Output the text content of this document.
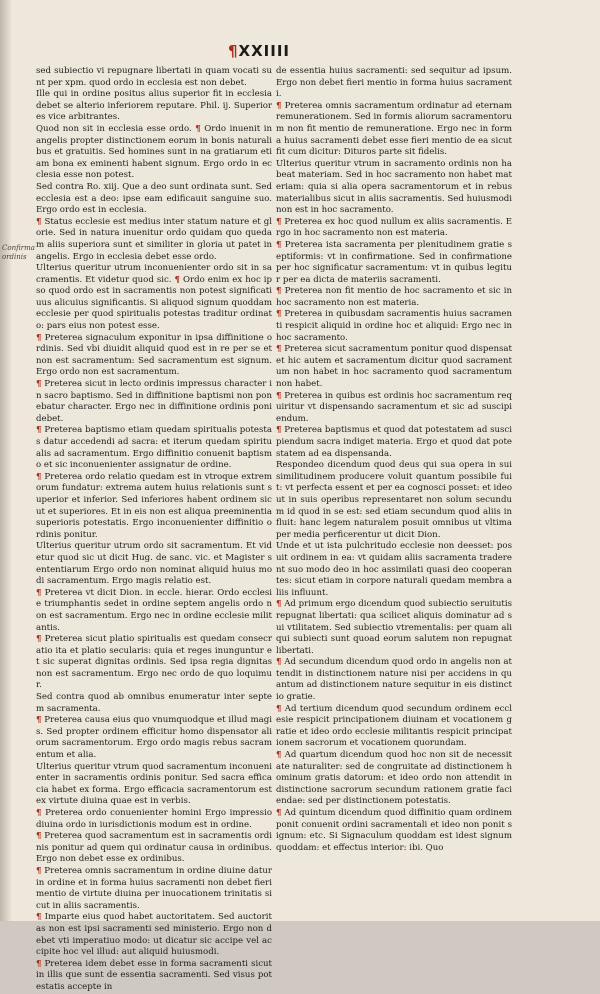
¶XXIIII
Confirma ordinis

sed subiectio vi repugnare libertati in quam vocati sunt per xpm. quod ordo in ecclesia est non debet.

Ille qui in ordine positus alius superior fit in ecclesia debet se alterio inferiorem reputare. Phil. ij. Superiores vice arbitrantes.

Quod non sit in ecclesia esse ordo. ¶ Ordo inuenit in angelis propter distinctionem eorum in bonis naturalibus et gratuitis. Sed homines sunt in na gratiarum etiam bona ex eminenti habent signum. Ergo ordo in ecclesia esse non potest.

Sed contra Ro. xiij. Que a deo sunt ordinata sunt. Sed ecclesia est a deo: ipse eam edificauit sanguine suo. Ergo ordo est in ecclesia.

¶ Status ecclesie est medius inter statum nature et glorie. Sed in natura inuenitur ordo quidam quo quedam aliis superiora sunt et similiter in gloria ut patet in angelis. Ergo in ecclesia debet esse ordo.

Ulterius queritur utrum inconuenienter ordo sit in sacramentis. Et videtur quod sic. ¶ Ordo enim ex hoc ipso quod ordo est in sacramentis non potest significatiuus alicuius significantis. Si aliquod signum quoddam ecclesie per quod spiritualis potestas traditur ordinato: pars eius non potest esse.

¶ Preterea signaculum exponitur in ipsa diffinitione ordinis. Sed vbi diuidit aliquid quod est in re per se et non est sacramentum: Sed sacramentum est signum. Ergo ordo non est sacramentum.

¶ Preterea sicut in lecto ordinis impressus character in sacro baptismo. Sed in diffinitione baptismi non ponebatur character. Ergo nec in diffinitione ordinis poni debet.

¶ Preterea baptismo etiam quedam spiritualis potestas datur accedendi ad sacra: et iterum quedam spiritualis ad sacramentum. Ergo diffinitio conuenit baptismo et sic inconuenienter assignatur de ordine.

¶ Preterea ordo relatio quedam est in vtroque extremorum fundatur: extrema autem huius relationis sunt superior et inferior. Sed inferiores habent ordinem sicut et superiores. Et in eis non est aliqua preeminentia superioris potestatis. Ergo inconuenienter diffinitio ordinis ponitur.

Ulterius queritur utrum ordo sit sacramentum. Et videtur quod sic ut dicit Hug. de sanc. vic. et Magister sententiarum Ergo ordo non nominat aliquid huius modi sacramentum. Ergo magis relatio est.

¶ Preterea vt dicit Dion. in eccle. hierar. Ordo ecclesie triumphantis sedet in ordine septem angelis ordo non est sacramentum. Ergo nec in ordine ecclesie militantis.

¶ Preterea sicut platio spiritualis est quedam consecratio ita et platio secularis: quia et reges inunguntur et sic superat dignitas ordinis. Sed ipsa regia dignitas non est sacramentum. Ergo nec ordo de quo loquimur.

Sed contra quod ab omnibus enumeratur inter septem sacramenta.

¶ Preterea causa eius quo vnumquodque et illud magis. Sed propter ordinem efficitur homo dispensator aliorum sacramentorum. Ergo ordo magis rebus sacramentum et alia.

Ulterius queritur vtrum quod sacramentum inconuenienter in sacramentis ordinis ponitur. Sed sacra efficacia habet ex forma. Ergo efficacia sacramentorum est ex virtute diuina quae est in verbis.

¶ Preterea ordo conuenienter homini Ergo impressio diuina ordo in iurisdictionis modum est in ordine.

¶ Preterea quod sacramentum est in sacramentis ordinis ponitur ad quem qui ordinatur causa in ordinibus. Ergo non debet esse ex ordinibus.

¶ Preterea omnis sacramentum in ordine diuine datur in ordine et in forma huius sacramenti non debet fieri mentio de virtute diuina per inuocationem trinitatis sicut in aliis sacramentis.

¶ Imparte eius quod habet auctoritatem. Sed auctoritas non est ipsi sacramenti sed ministerio. Ergo non debet vti imperatiuo modo: ut dicatur sic accipe vel accipite hoc vel illud: aut aliquid huiusmodi.

¶ Preterea idem debet esse in forma sacramenti sicut in illis que sunt de essentia sacramenti. Sed visus potestatis accepte in

de essentia huius sacramenti: sed sequitur ad ipsum. Ergo non debet fieri mentio in forma huius sacramenti.

¶ Preterea omnis sacramentum ordinatur ad eternam remunerationem. Sed in formis aliorum sacramentorum non fit mentio de remuneratione. Ergo nec in forma huius sacramenti debet esse fieri mentio de ea sicut fit cum dicitur: Dituros parte sit fidelis.

Ulterius queritur vtrum in sacramento ordinis non habeat materiam. Sed in hoc sacramento non habet materiam: quia si alia opera sacramentorum et in rebus materialibus sicut in aliis sacramentis. Sed huiusmodi non est in hoc sacramento.

¶ Preterea ex hoc quod nullum ex aliis sacramentis. Ergo in hoc sacramento non est materia.

¶ Preterea ista sacramenta per plenitudinem gratie septiformis: vt in confirmatione. Sed in confirmatione per hoc significatur sacramentum: vt in quibus legitur per ea dicta de materiis sacramenti.

¶ Preterea non fit mentio de hoc sacramento et sic in hoc sacramento non est materia.

¶ Preterea in quibusdam sacramentis huius sacramenti respicit aliquid in ordine hoc et aliquid: Ergo nec in hoc sacramento.

¶ Preterea sicut sacramentum ponitur quod dispensat et hic autem et sacramentum dicitur quod sacramentum non habet in hoc sacramento quod sacramentum non habet.

¶ Preterea in quibus est ordinis hoc sacramentum requiritur vt dispensando sacramentum et sic ad suscipiendum.

¶ Preterea baptismus et quod dat potestatem ad suscipiendum sacra indiget materia. Ergo et quod dat potestatem ad ea dispensanda.

Respondeo dicendum quod deus qui sua opera in sui similitudinem producere voluit quantum possibile fuit: vt perfecta essent et per ea cognosci posset: et ideo ut in suis operibus representaret non solum secundum id quod in se est: sed etiam secundum quod aliis influit: hanc legem naturalem posuit omnibus ut vltima per media perficerentur ut dicit Dion.

Unde et ut ista pulchritudo ecclesie non deesset: posuit ordinem in ea: vt quidam aliis sacramenta traderent suo modo deo in hoc assimilati quasi deo cooperantes: sicut etiam in corpore naturali quedam membra aliis influunt.

¶ Ad primum ergo dicendum quod subiectio seruitutis repugnat libertati: qua scilicet aliquis dominatur ad sui vtilitatem. Sed subiectio vtrementalis: per quam aliqui subiecti sunt quoad eorum salutem non repugnat libertati.

¶ Ad secundum dicendum quod ordo in angelis non attendit in distinctionem nature nisi per accidens in quantum ad distinctionem nature sequitur in eis distinctio gratie.

¶ Ad tertium dicendum quod secundum ordinem ecclesie respicit principationem diuinam et vocationem gratie et ideo ordo ecclesie militantis respicit principationem sacrorum et vocationem quorundam.

¶ Ad quartum dicendum quod hoc non sit de necessitate naturaliter: sed de congruitate ad distinctionem hominum gratis datorum: et ideo ordo non attendit in distinctione sacrorum secundum rationem gratie faciendae: sed per distinctionem potestatis.

¶ Ad quintum dicendum quod diffinitio quam ordinem ponit conuenit ordini sacramentali et ideo non ponit signum: etc. Si Signaculum quoddam est idest signum quoddam: et effectus interior: ibi. Quo
